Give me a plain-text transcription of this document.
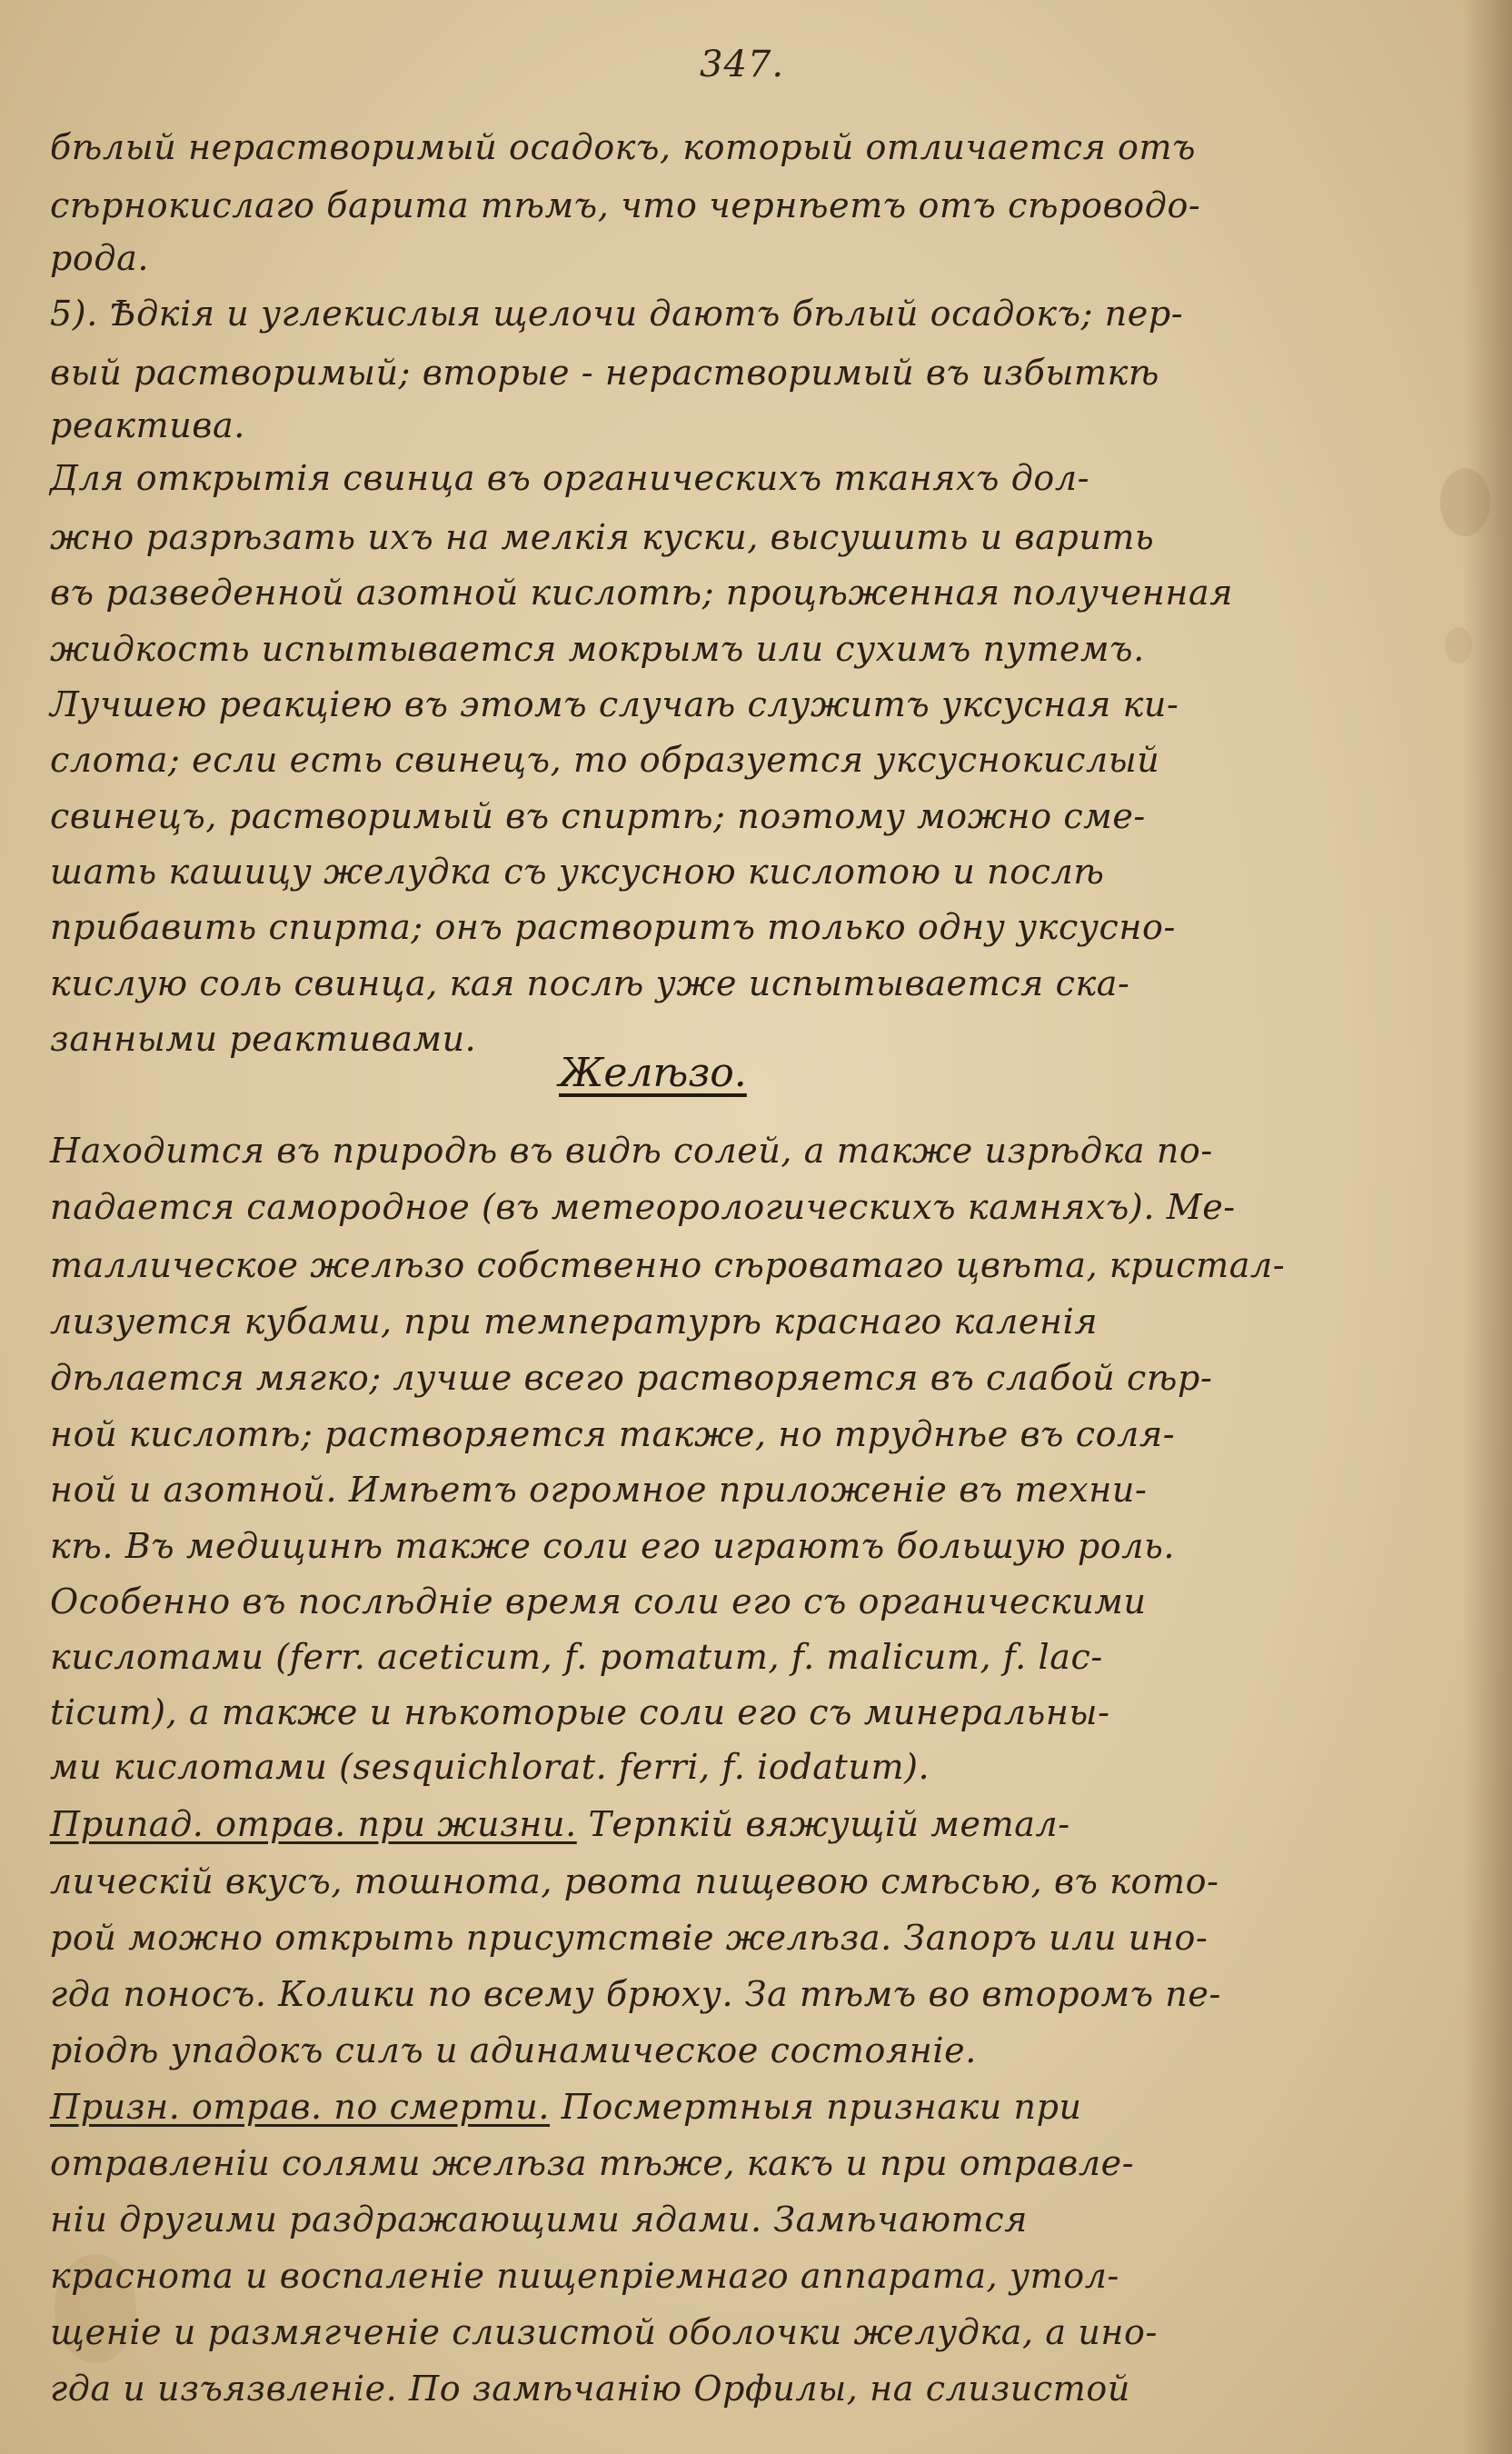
347.
бѣлый нерастворимый осадокъ, который отличается отъ
сѣрнокислаго барита тѣмъ, что чернѣетъ отъ сѣроводо-
рода.
5). Ѣдкія и углекислыя щелочи даютъ бѣлый осадокъ; пер-
вый растворимый; вторые - нерастворимый въ избыткѣ
реактива.
Для открытія свинца въ органическихъ тканяхъ дол-
жно разрѣзать ихъ на мелкія куски, высушить и варить
въ разведенной азотной кислотѣ; процѣженная полученная
жидкость испытывается мокрымъ или сухимъ путемъ.
Лучшею реакціею въ этомъ случаѣ служитъ уксусная ки-
слота; если есть свинецъ, то образуется уксуснокислый
свинецъ, растворимый въ спиртѣ; поэтому можно сме-
шать кашицу желудка съ уксусною кислотою и послѣ
прибавить спирта; онъ растворитъ только одну уксусно-
кислую соль свинца, кая послѣ уже испытывается ска-
занными реактивами.
Желѣзо.
Находится въ природѣ въ видѣ солей, а также изрѣдка по-
падается самородное (въ метеорологическихъ камняхъ). Ме-
таллическое желѣзо собственно сѣроватаго цвѣта, кристал-
лизуется кубами, при температурѣ краснаго каленія
дѣлается мягко; лучше всего растворяется въ слабой сѣр-
ной кислотѣ; растворяется также, но труднѣе въ соля-
ной и азотной. Имѣетъ огромное приложеніе въ техни-
кѣ. Въ медицинѣ также соли его играютъ большую роль.
Особенно въ послѣдніе время соли его съ органическими
кислотами (ferr. aceticum, f. pomatum, f. malicum, f. lac-
ticum), а также и нѣкоторые соли его съ минеральны-
ми кислотами (sesquichlorat. ferri, f. iodatum).
Припад. отрав. при жизни. Терпкій вяжущій метал-
лическій вкусъ, тошнота, рвота пищевою смѣсью, въ кото-
рой можно открыть присутствіе желѣза. Запоръ или ино-
гда поносъ. Колики по всему брюху. За тѣмъ во второмъ пе-
ріодѣ упадокъ силъ и адинамическое состояніе.
Призн. отрав. по смерти. Посмертныя признаки при
отравленіи солями желѣза тѣже, какъ и при отравле-
ніи другими раздражающими ядами. Замѣчаются
краснота и воспаленіе пищепріемнаго аппарата, утол-
щеніе и размягченіе слизистой оболочки желудка, а ино-
гда и изъязвленіе. По замѣчанію Орфилы, на слизистой
